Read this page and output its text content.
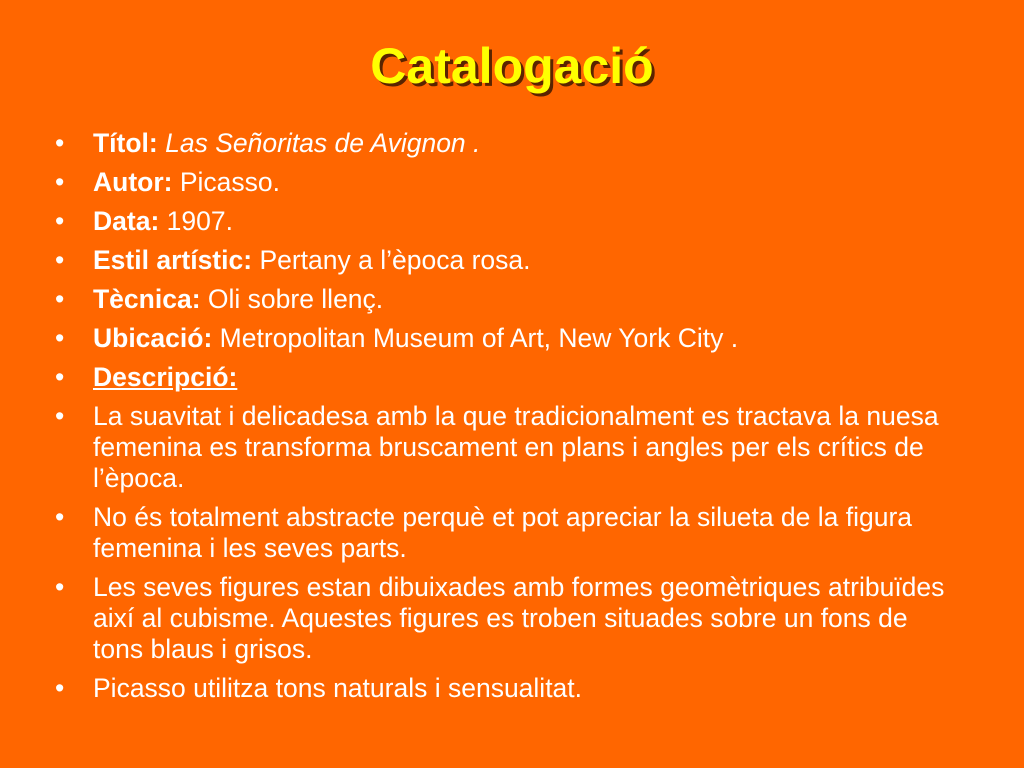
Catalogació
• Títol: Las Señoritas de Avignon .
• Autor: Picasso.
• Data: 1907.
• Estil artístic: Pertany a l’època rosa.
• Tècnica: Oli sobre llenç.
• Ubicació: Metropolitan Museum of Art, New York City .
• Descripció:
• La suavitat i delicadesa amb la que tradicionalment es tractava la nuesa femenina es transforma bruscament en plans i angles per els crítics de l’època.
• No és totalment abstracte perquè et pot apreciar la silueta de la figura femenina i les seves parts.
• Les seves figures estan dibuixades amb formes geomètriques atribuïdes així al cubisme. Aquestes figures es troben situades sobre un fons de tons blaus i grisos.
• Picasso utilitza tons naturals i sensualitat.
